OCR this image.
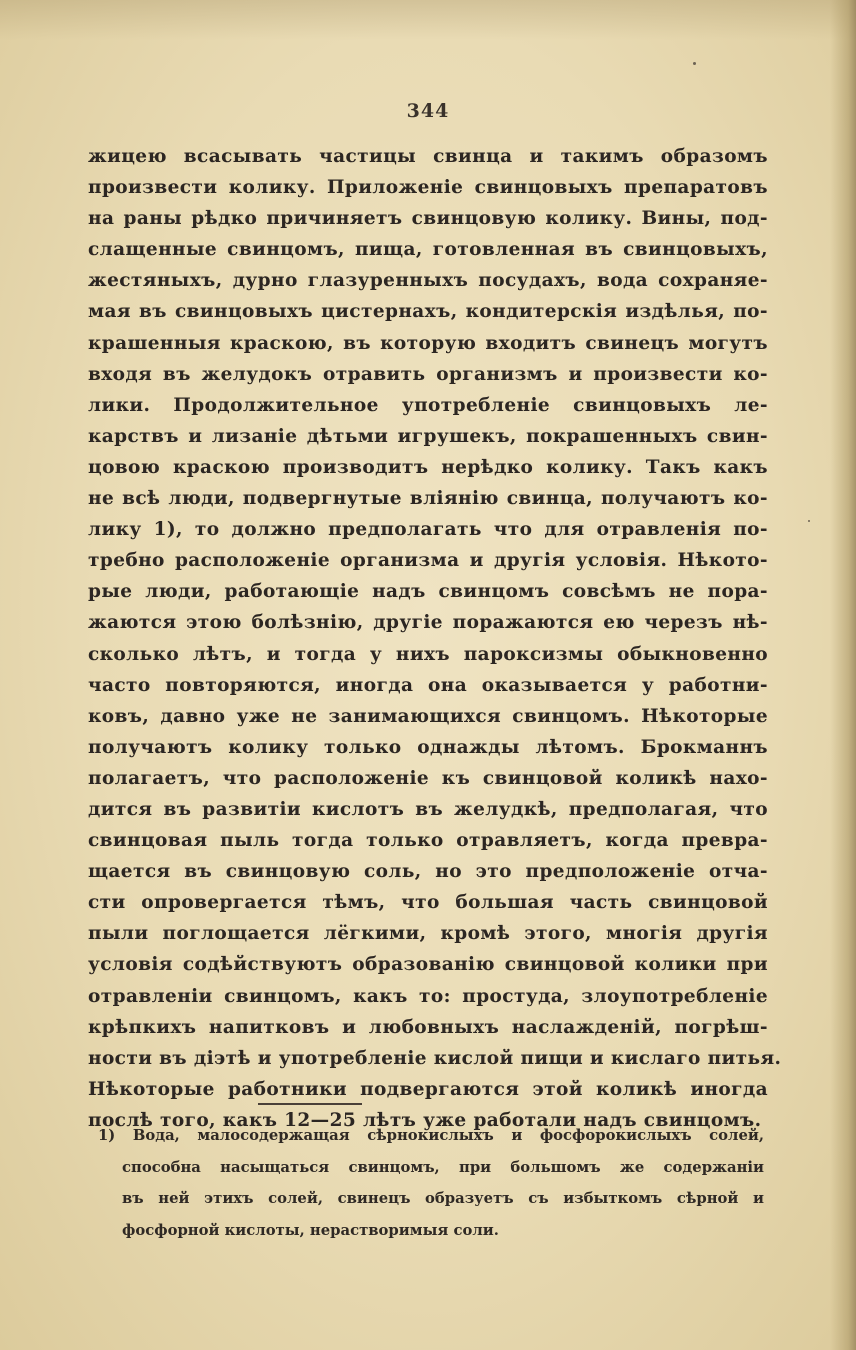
344
жицею всасывать частицы свинца и такимъ образомъ
произвести колику. Приложенiе свинцовыхъ препаратовъ
на раны рѣдко причиняетъ свинцовую колику. Вины, под-
слащенные свинцомъ, пища, готовленная въ свинцовыхъ,
жестяныхъ, дурно глазуренныхъ посудахъ, вода сохраняе-
мая въ свинцовыхъ цистернахъ, кондитерскiя издѣлья, по-
крашенныя краскою, въ которую входитъ свинецъ могутъ
входя въ желудокъ отравить организмъ и произвести ко-
лики. Продолжительное употребленiе свинцовыхъ ле-
карствъ и лизанiе дѣтьми игрушекъ, покрашенныхъ свин-
цовою краскою производитъ нерѣдко колику. Такъ какъ
не всѣ люди, подвергнутые влiянiю свинца, получаютъ ко-
лику 1), то должно предполагать что для отравленiя по-
требно расположенiе организма и другiя условiя. Нѣкото-
рые люди, работающiе надъ свинцомъ совсѣмъ не пора-
жаются этою болѣзнiю, другiе поражаются ею черезъ нѣ-
сколько лѣтъ, и тогда у нихъ пароксизмы обыкновенно
часто повторяются, иногда она оказывается у работни-
ковъ, давно уже не занимающихся свинцомъ. Нѣкоторые
получаютъ колику только однажды лѣтомъ. Брокманнъ
полагаетъ, что расположенiе къ свинцовой коликѣ нахо-
дится въ развитiи кислотъ въ желудкѣ, предполагая, что
свинцовая пыль тогда только отравляетъ, когда превра-
щается въ свинцовую соль, но это предположенiе отча-
сти опровергается тѣмъ, что большая часть свинцовой
пыли поглощается лёгкими, кромѣ этого, многiя другiя
условiя содѣйствуютъ образованiю свинцовой колики при
отравленiи свинцомъ, какъ то: простуда, злоупотребленiе
крѣпкихъ напитковъ и любовныхъ наслажденiй, погрѣш-
ности въ дiэтѣ и употребленiе кислой пищи и кислаго питья.
Нѣкоторые работники подвергаются этой коликѣ иногда
послѣ того, какъ 12—25 лѣтъ уже работали надъ свинцомъ.
1) Вода, малосодержащая сѣрнокислыхъ и фосфорокислыхъ солей,
способна насыщаться свинцомъ, при большомъ же содержанiи
въ ней этихъ солей, свинецъ образуетъ съ избыткомъ сѣрной и
фосфорной кислоты, нерастворимыя соли.
